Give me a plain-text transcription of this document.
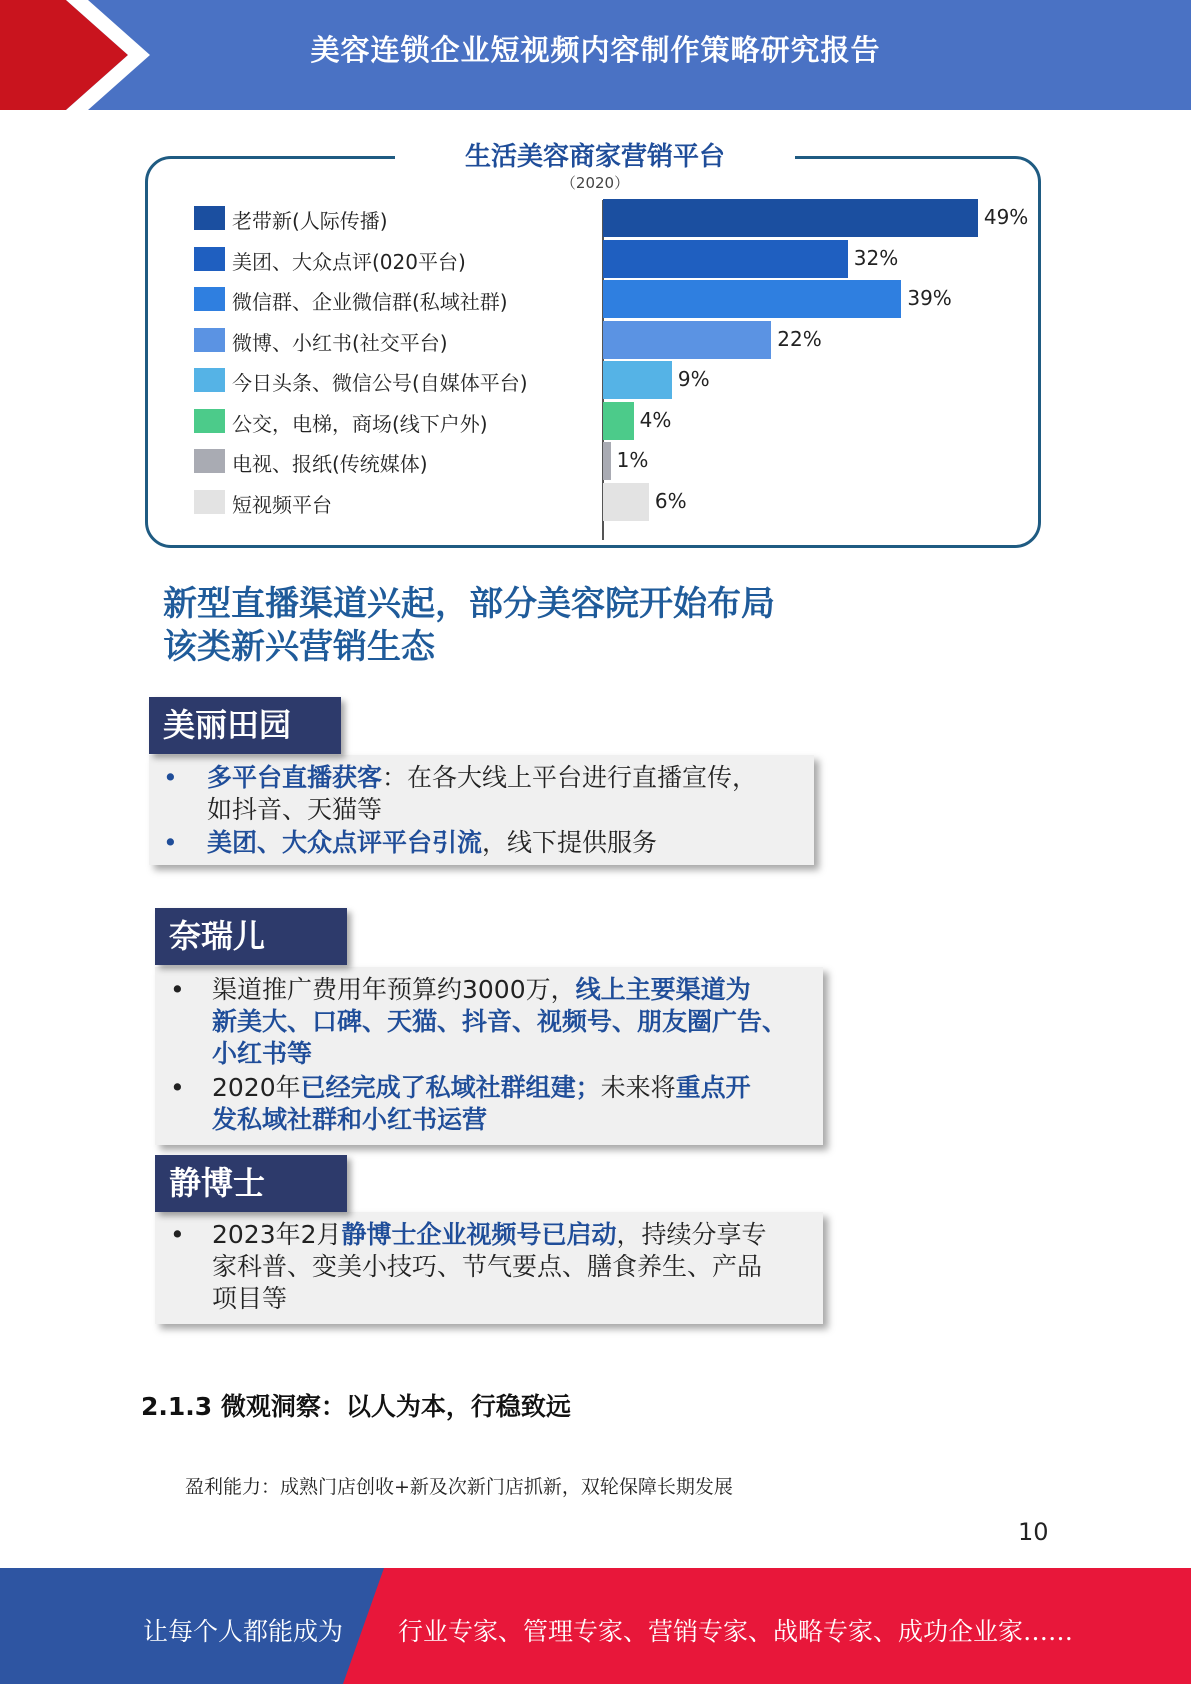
美容连锁企业短视频内容制作策略研究报告
生活美容商家营销平台
（2020）
老带新(人际传播)
美团、大众点评(020平台)
微信群、企业微信群(私域社群)
微博、小红书(社交平台)
今日头条、微信公号(自媒体平台)
公交，电梯，商场(线下户外)
电视、报纸(传统媒体)
短视频平台
49%
32%
39%
22%
9%
4%
1%
6%
新型直播渠道兴起，部分美容院开始布局
该类新兴营销生态
美丽田园
• 多平台直播获客：在各大线上平台进行直播宣传，
如抖音、天猫等
• 美团、大众点评平台引流，线下提供服务
奈瑞儿
• 渠道推广费用年预算约3000万，线上主要渠道为
新美大、口碑、天猫、抖音、视频号、朋友圈广告、
小红书等
• 2020年已经完成了私域社群组建；未来将重点开
发私域社群和小红书运营
静博士
• 2023年2月静博士企业视频号已启动，持续分享专
家科普、变美小技巧、节气要点、膳食养生、产品
项目等
2.1.3 微观洞察：以人为本，行稳致远
盈利能力：成熟门店创收+新及次新门店抓新，双轮保障长期发展
10
让每个人都能成为 行业专家、管理专家、营销专家、战略专家、成功企业家……
